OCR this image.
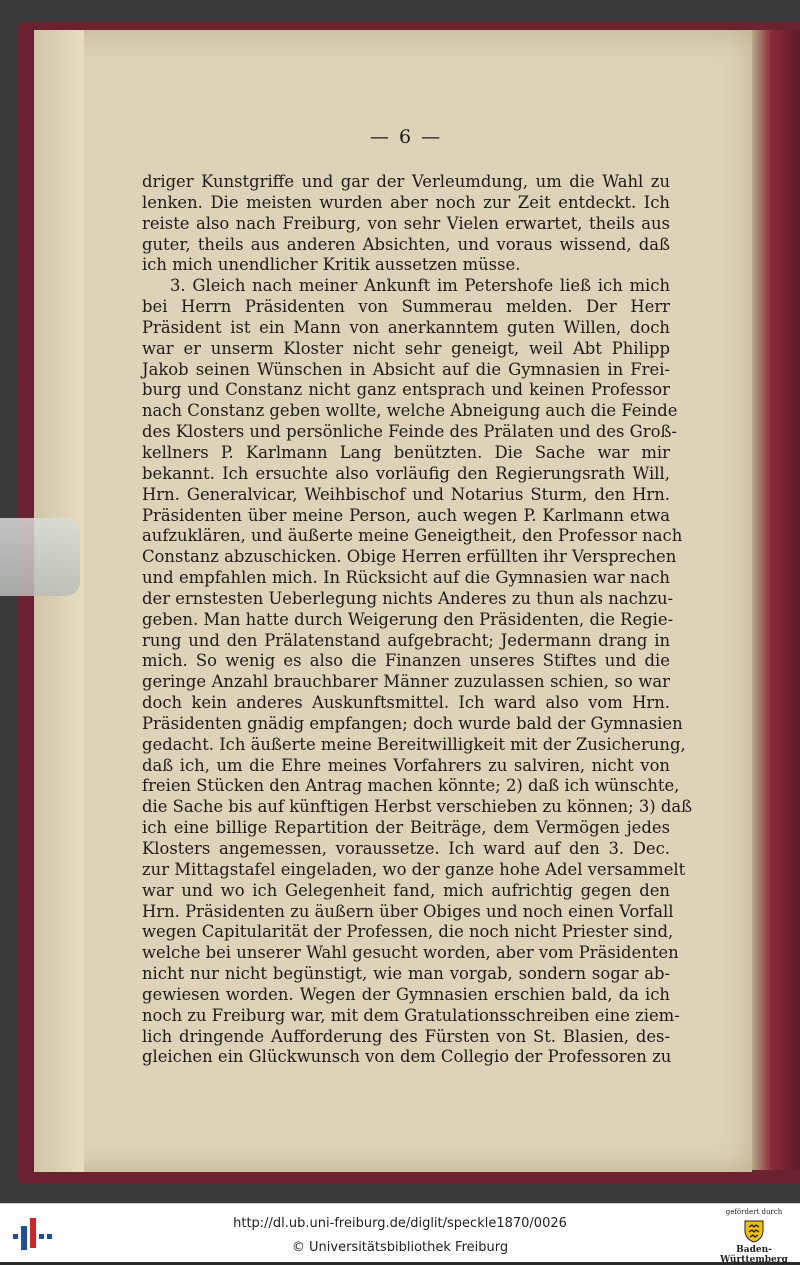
— 6 —
driger Kunstgriffe und gar der Verleumdung, um die Wahl zu
lenken. Die meisten wurden aber noch zur Zeit entdeckt. Ich
reiste also nach Freiburg, von sehr Vielen erwartet, theils aus
guter, theils aus anderen Absichten, und voraus wissend, daß
ich mich unendlicher Kritik aussetzen müsse.
3. Gleich nach meiner Ankunft im Petershofe ließ ich mich
bei Herrn Präsidenten von Summerau melden. Der Herr
Präsident ist ein Mann von anerkanntem guten Willen, doch
war er unserm Kloster nicht sehr geneigt, weil Abt Philipp
Jakob seinen Wünschen in Absicht auf die Gymnasien in Frei-
burg und Constanz nicht ganz entsprach und keinen Professor
nach Constanz geben wollte, welche Abneigung auch die Feinde
des Klosters und persönliche Feinde des Prälaten und des Groß-
kellners P. Karlmann Lang benützten. Die Sache war mir
bekannt. Ich ersuchte also vorläufig den Regierungsrath Will,
Hrn. Generalvicar, Weihbischof und Notarius Sturm, den Hrn.
Präsidenten über meine Person, auch wegen P. Karlmann etwa
aufzuklären, und äußerte meine Geneigtheit, den Professor nach
Constanz abzuschicken. Obige Herren erfüllten ihr Versprechen
und empfahlen mich. In Rücksicht auf die Gymnasien war nach
der ernstesten Ueberlegung nichts Anderes zu thun als nachzu-
geben. Man hatte durch Weigerung den Präsidenten, die Regie-
rung und den Prälatenstand aufgebracht; Jedermann drang in
mich. So wenig es also die Finanzen unseres Stiftes und die
geringe Anzahl brauchbarer Männer zuzulassen schien, so war
doch kein anderes Auskunftsmittel. Ich ward also vom Hrn.
Präsidenten gnädig empfangen; doch wurde bald der Gymnasien
gedacht. Ich äußerte meine Bereitwilligkeit mit der Zusicherung,
daß ich, um die Ehre meines Vorfahrers zu salviren, nicht von
freien Stücken den Antrag machen könnte; 2) daß ich wünschte,
die Sache bis auf künftigen Herbst verschieben zu können; 3) daß
ich eine billige Repartition der Beiträge, dem Vermögen jedes
Klosters angemessen, voraussetze. Ich ward auf den 3. Dec.
zur Mittagstafel eingeladen, wo der ganze hohe Adel versammelt
war und wo ich Gelegenheit fand, mich aufrichtig gegen den
Hrn. Präsidenten zu äußern über Obiges und noch einen Vorfall
wegen Capitularität der Professen, die noch nicht Priester sind,
welche bei unserer Wahl gesucht worden, aber vom Präsidenten
nicht nur nicht begünstigt, wie man vorgab, sondern sogar ab-
gewiesen worden. Wegen der Gymnasien erschien bald, da ich
noch zu Freiburg war, mit dem Gratulationsschreiben eine ziem-
lich dringende Aufforderung des Fürsten von St. Blasien, des-
gleichen ein Glückwunsch von dem Collegio der Professoren zu
http://dl.ub.uni-freiburg.de/diglit/speckle1870/0026
© Universitätsbibliothek Freiburg
gefördert durch
Baden-Württemberg
